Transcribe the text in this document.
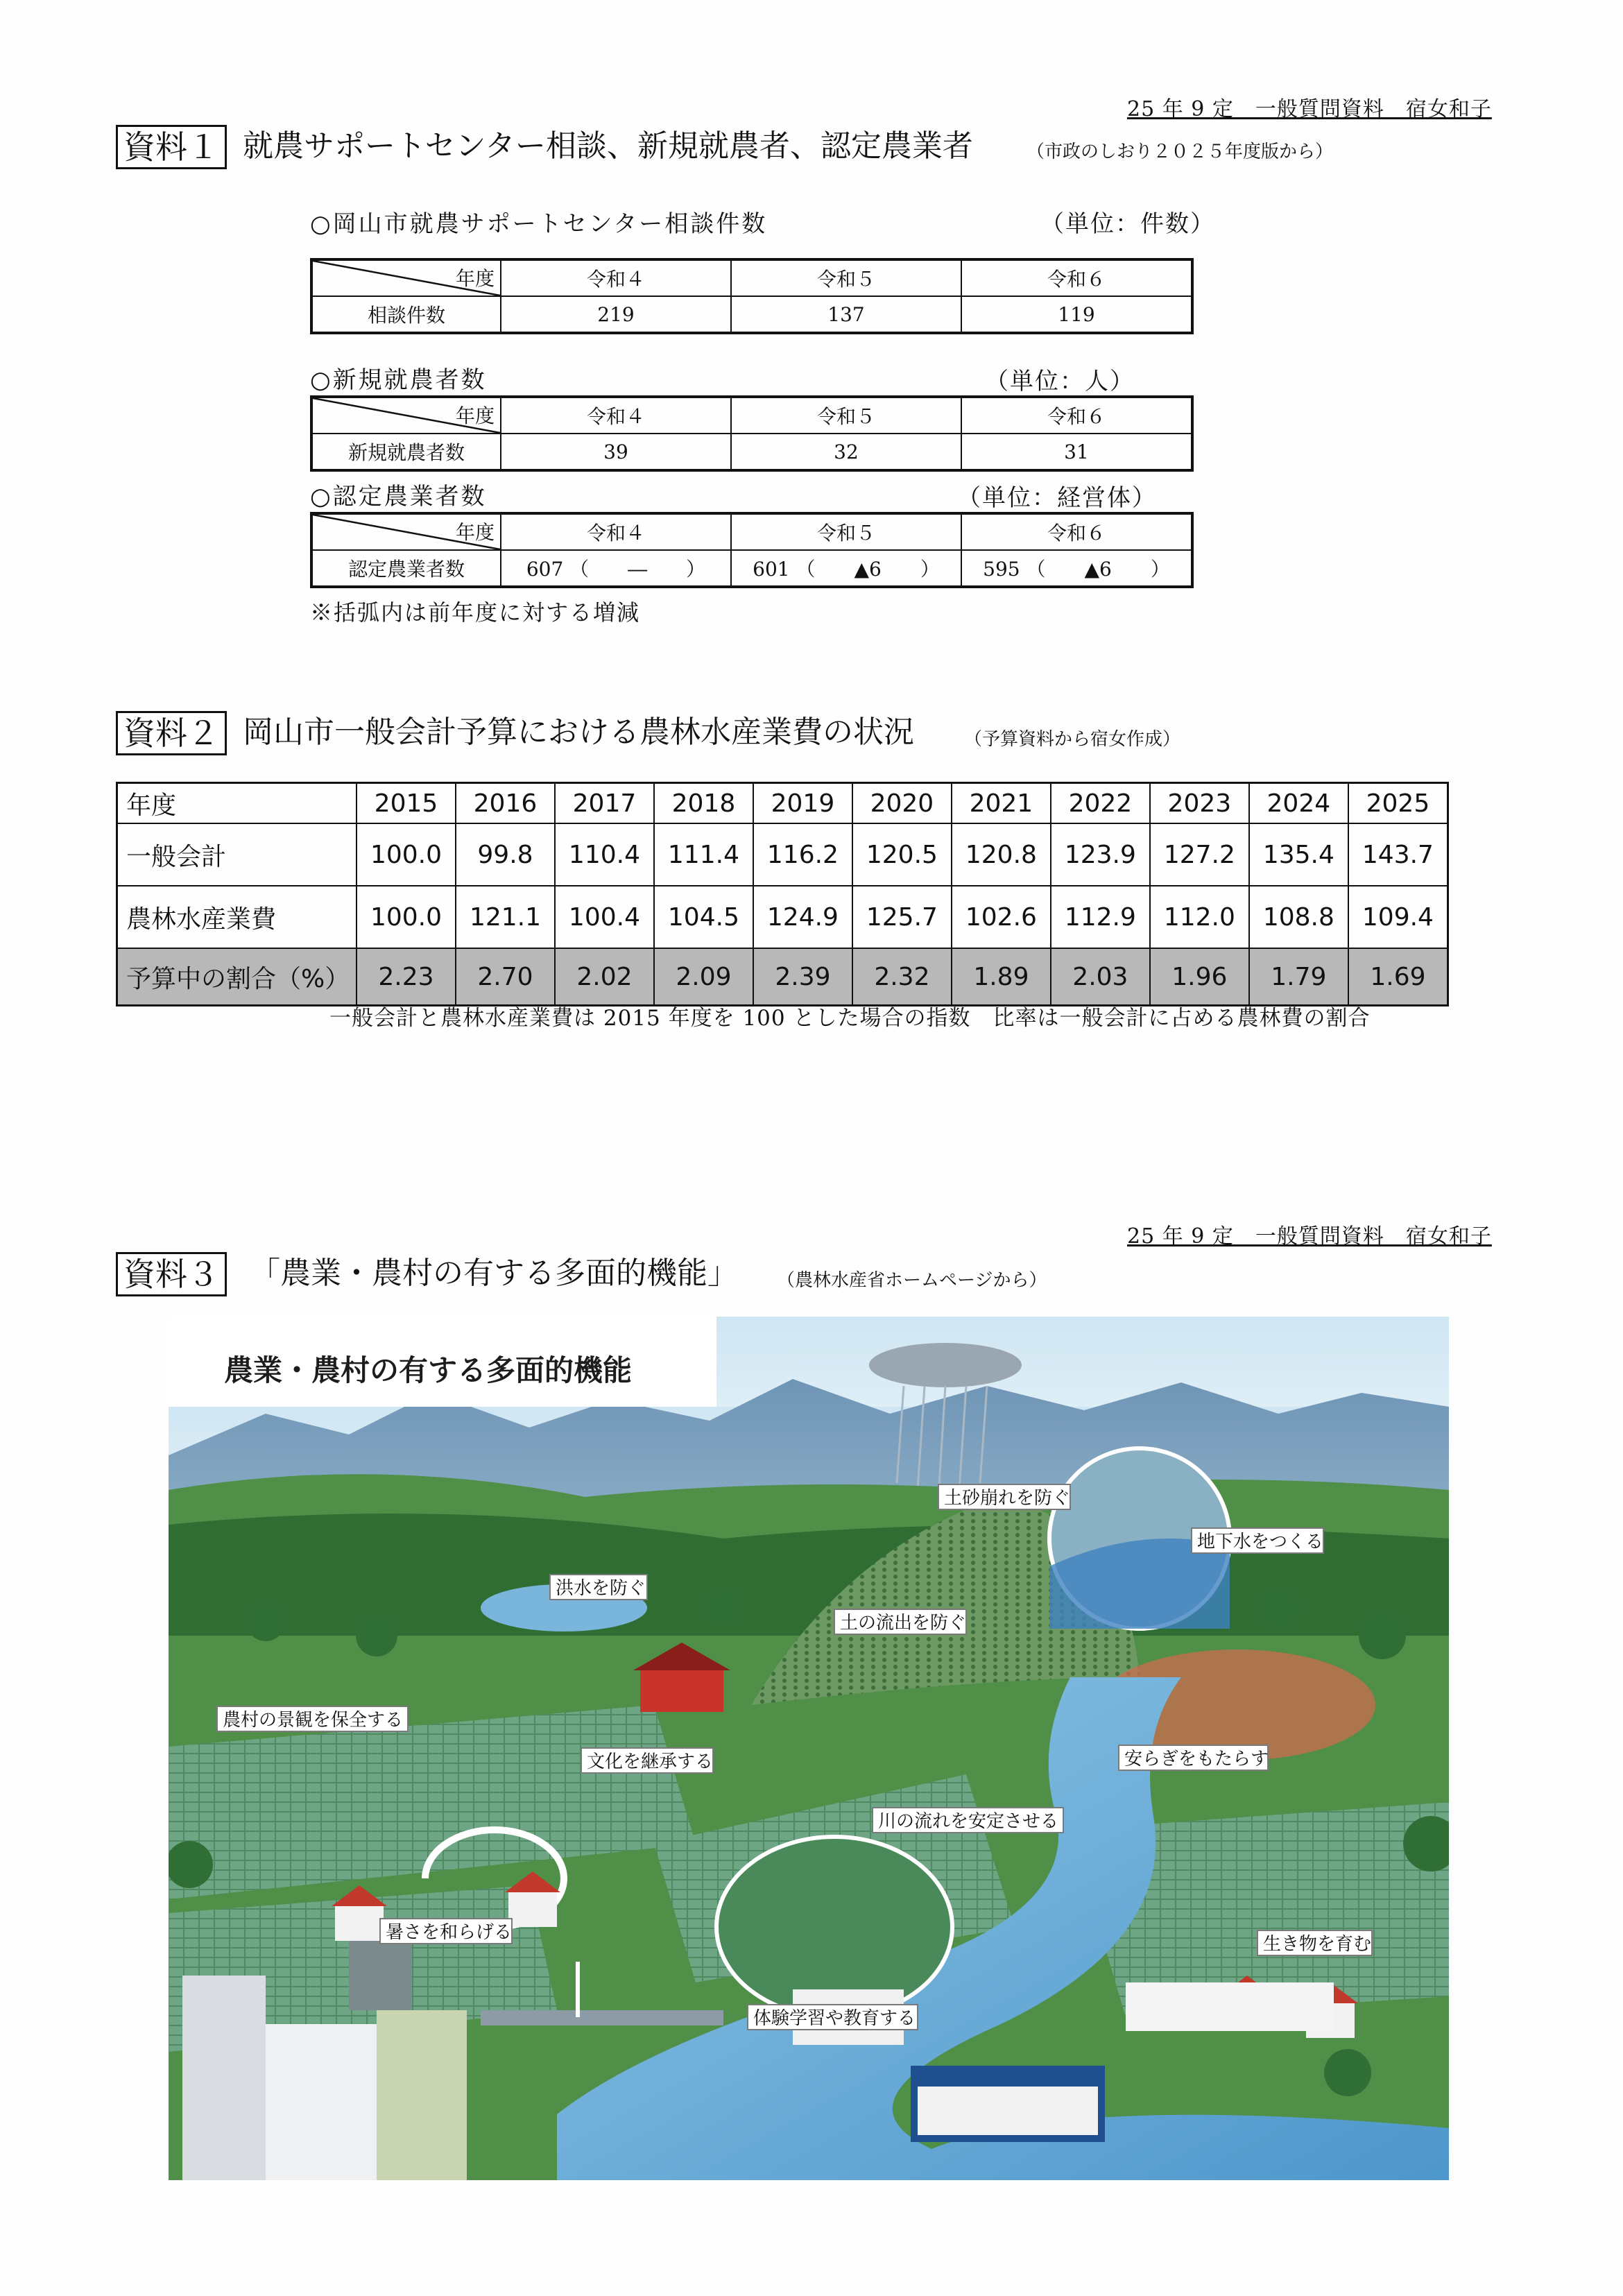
25 年 9 定　一般質問資料　宿女和子
資料１ 就農サポートセンター相談、新規就農者、認定農業者	（市政のしおり２０２５年度版から）
○岡山市就農サポートセンター相談件数	（単位：件数）
年度	令和４	令和５	令和６
相談件数	219	137	119
○新規就農者数	（単位：人）
年度	令和４	令和５	令和６
新規就農者数	39	32	31
○認定農業者数	（単位：経営体）
年度	令和４	令和５	令和６
認定農業者数	607 （　　―　　）	601 （　　▲6　　）	595 （　　▲6　　）
※括弧内は前年度に対する増減
資料２ 岡山市一般会計予算における農林水産業費の状況	（予算資料から宿女作成）
年度	2015	2016	2017	2018	2019	2020	2021	2022	2023	2024	2025
一般会計	100.0	99.8	110.4	111.4	116.2	120.5	120.8	123.9	127.2	135.4	143.7
農林水産業費	100.0	121.1	100.4	104.5	124.9	125.7	102.6	112.9	112.0	108.8	109.4
予算中の割合（%）	2.23	2.70	2.02	2.09	2.39	2.32	1.89	2.03	1.96	1.79	1.69
一般会計と農林水産業費は 2015 年度を 100 とした場合の指数　比率は一般会計に占める農林費の割合
25 年 9 定　一般質問資料　宿女和子
資料３ 「農業・農村の有する多面的機能」 （農林水産省ホームページから）
農業・農村の有する多面的機能
土砂崩れを防ぐ
地下水をつくる
洪水を防ぐ
土の流出を防ぐ
農村の景観を保全する
文化を継承する	安らぎをもたらす
川の流れを安定させる
暑さを和らげる
生き物を育む
体験学習や教育する
